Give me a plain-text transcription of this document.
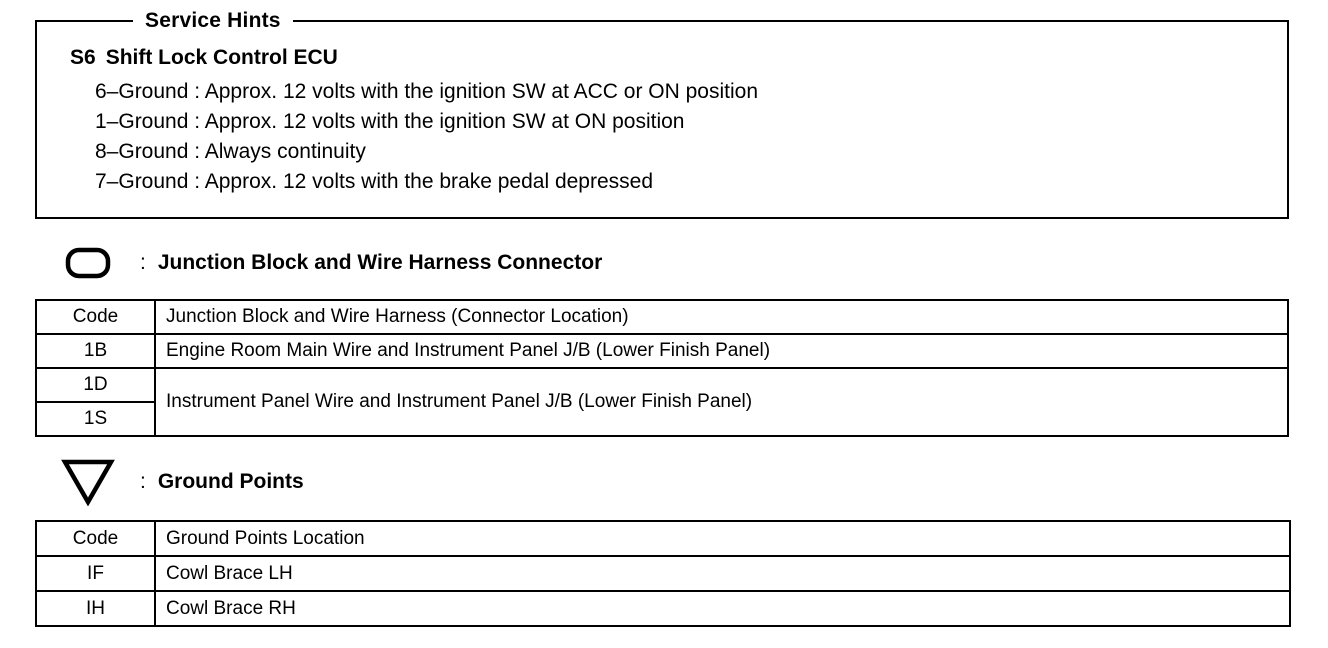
Service Hints
S6 Shift Lock Control ECU
6–Ground : Approx. 12 volts with the ignition SW at ACC or ON position
1–Ground : Approx. 12 volts with the ignition SW at ON position
8–Ground : Always continuity
7–Ground : Approx. 12 volts with the brake pedal depressed
: Junction Block and Wire Harness Connector
Code	Junction Block and Wire Harness (Connector Location)
1B	Engine Room Main Wire and Instrument Panel J/B (Lower Finish Panel)
1D	Instrument Panel Wire and Instrument Panel J/B (Lower Finish Panel)
1S	
: Ground Points
Code	Ground Points Location
IF	Cowl Brace LH
IH	Cowl Brace RH
